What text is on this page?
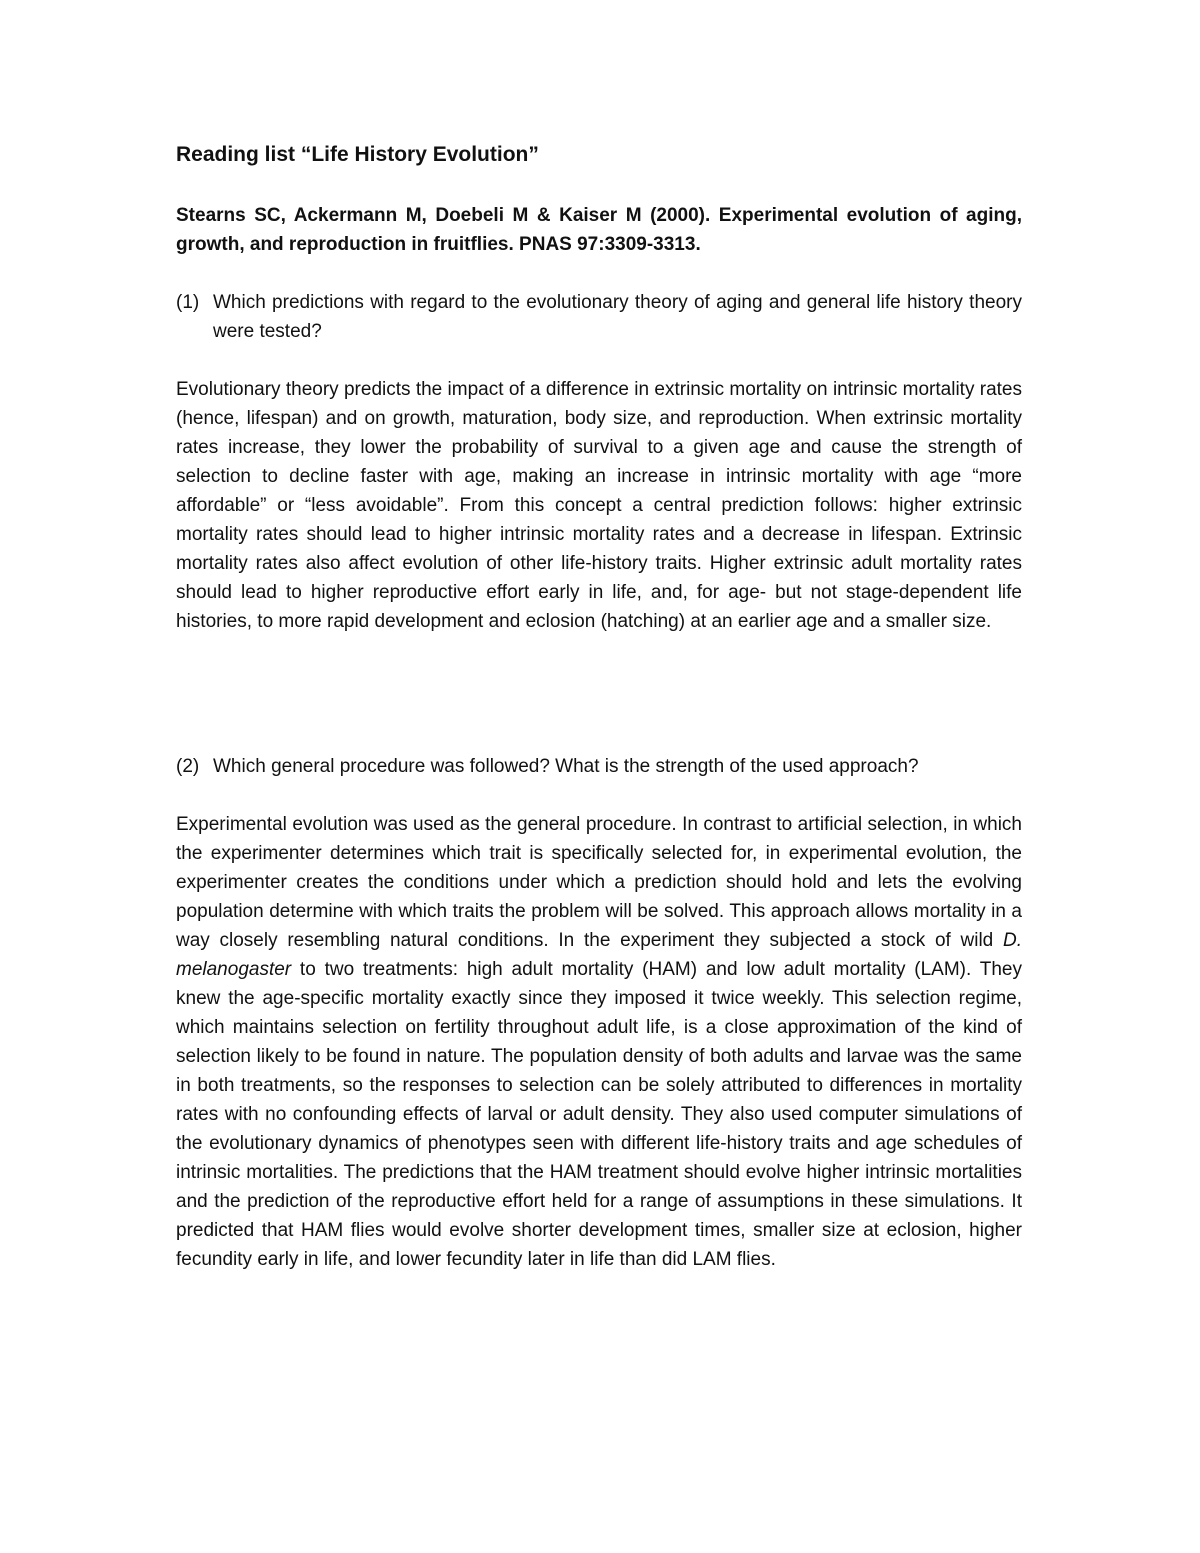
Reading list “Life History Evolution”

Stearns SC, Ackermann M, Doebeli M & Kaiser M (2000). Experimental evolution of aging, growth, and reproduction in fruitflies. PNAS 97:3309-3313.

(1) Which predictions with regard to the evolutionary theory of aging and general life history theory were tested?

Evolutionary theory predicts the impact of a difference in extrinsic mortality on intrinsic mortality rates (hence, lifespan) and on growth, maturation, body size, and reproduction. When extrinsic mortality rates increase, they lower the probability of survival to a given age and cause the strength of selection to decline faster with age, making an increase in intrinsic mortality with age “more affordable” or “less avoidable”. From this concept a central prediction follows: higher extrinsic mortality rates should lead to higher intrinsic mortality rates and a decrease in lifespan. Extrinsic mortality rates also affect evolution of other life-history traits. Higher extrinsic adult mortality rates should lead to higher reproductive effort early in life, and, for age- but not stage-dependent life histories, to more rapid development and eclosion (hatching) at an earlier age and a smaller size.

(2) Which general procedure was followed? What is the strength of the used approach?

Experimental evolution was used as the general procedure. In contrast to artificial selection, in which the experimenter determines which trait is specifically selected for, in experimental evolution, the experimenter creates the conditions under which a prediction should hold and lets the evolving population determine with which traits the problem will be solved. This approach allows mortality in a way closely resembling natural conditions. In the experiment they subjected a stock of wild D. melanogaster to two treatments: high adult mortality (HAM) and low adult mortality (LAM). They knew the age-specific mortality exactly since they imposed it twice weekly. This selection regime, which maintains selection on fertility throughout adult life, is a close approximation of the kind of selection likely to be found in nature. The population density of both adults and larvae was the same in both treatments, so the responses to selection can be solely attributed to differences in mortality rates with no confounding effects of larval or adult density. They also used computer simulations of the evolutionary dynamics of phenotypes seen with different life-history traits and age schedules of intrinsic mortalities. The predictions that the HAM treatment should evolve higher intrinsic mortalities and the prediction of the reproductive effort held for a range of assumptions in these simulations. It predicted that HAM flies would evolve shorter development times, smaller size at eclosion, higher fecundity early in life, and lower fecundity later in life than did LAM flies.
